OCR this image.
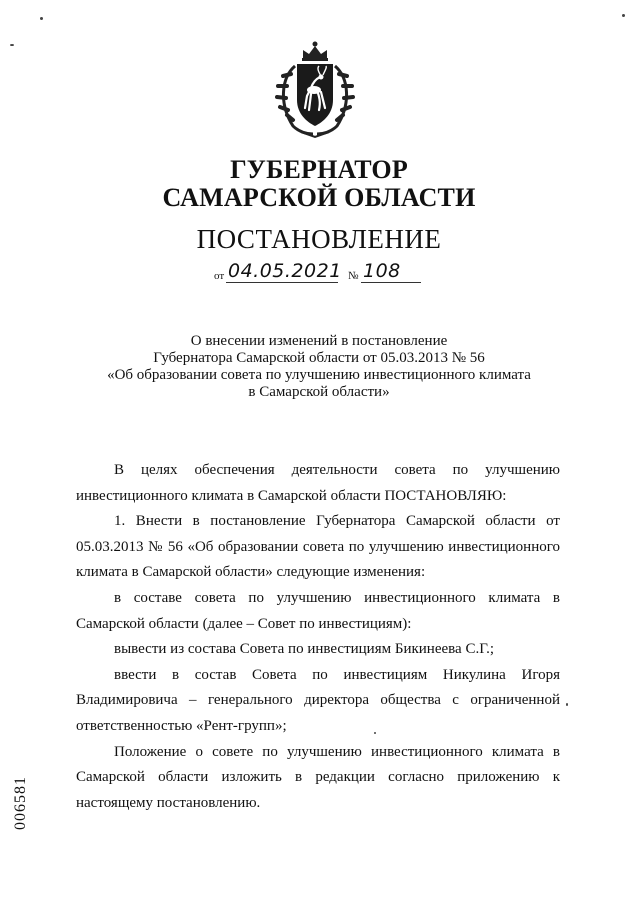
ГУБЕРНАТОР
САМАРСКОЙ ОБЛАСТИ
ПОСТАНОВЛЕНИЕ
от 04.05.2021 № 108
О внесении изменений в постановление
Губернатора Самарской области от 05.03.2013 № 56
«Об образовании совета по улучшению инвестиционного климата
в Самарской области»

В целях обеспечения деятельности совета по улучшению инвестиционного климата в Самарской области ПОСТАНОВЛЯЮ:

1. Внести в постановление Губернатора Самарской области от 05.03.2013 № 56 «Об образовании совета по улучшению инвестиционного климата в Самарской области» следующие изменения:

в составе совета по улучшению инвестиционного климата в Самарской области (далее – Совет по инвестициям):

вывести из состава Совета по инвестициям Бикинеева С.Г.;

ввести в состав Совета по инвестициям Никулина Игоря Владимировича – генерального директора общества с ограниченной ответственностью «Рент-групп»;

Положение о совете по улучшению инвестиционного климата в Самарской области изложить в редакции согласно приложению к настоящему постановлению.

006581
